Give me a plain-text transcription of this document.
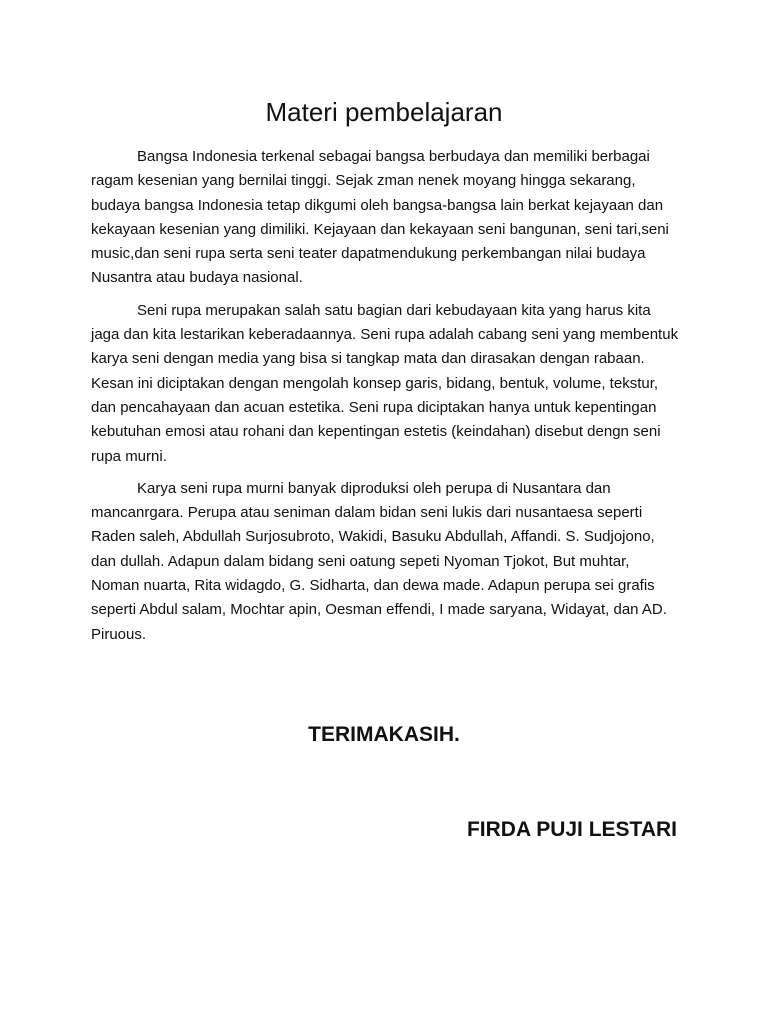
Materi pembelajaran

Bangsa Indonesia terkenal sebagai bangsa berbudaya dan memiliki berbagai ragam kesenian yang bernilai tinggi. Sejak zman nenek moyang hingga sekarang, budaya bangsa Indonesia tetap dikgumi oleh bangsa-bangsa lain berkat kejayaan dan kekayaan kesenian yang dimiliki. Kejayaan dan kekayaan seni bangunan, seni tari,seni music,dan seni rupa serta seni teater dapatmendukung perkembangan nilai budaya Nusantra atau budaya nasional.

Seni rupa merupakan salah satu bagian dari kebudayaan kita yang harus kita jaga dan kita lestarikan keberadaannya. Seni rupa adalah cabang seni yang membentuk karya seni dengan media yang bisa si tangkap mata dan dirasakan dengan rabaan. Kesan ini diciptakan dengan mengolah konsep garis, bidang, bentuk, volume, tekstur, dan pencahayaan dan acuan estetika. Seni rupa diciptakan hanya untuk kepentingan kebutuhan emosi atau rohani dan kepentingan estetis (keindahan) disebut dengn seni rupa murni.

Karya seni rupa murni banyak diproduksi oleh perupa di Nusantara dan mancanrgara. Perupa atau seniman dalam bidan seni lukis dari nusantaesa seperti Raden saleh, Abdullah Surjosubroto, Wakidi, Basuku Abdullah, Affandi. S. Sudjojono, dan dullah. Adapun dalam bidang seni oatung sepeti Nyoman Tjokot, But muhtar, Noman nuarta, Rita widagdo, G. Sidharta, dan dewa made. Adapun perupa sei grafis seperti Abdul salam, Mochtar apin, Oesman effendi, I made saryana, Widayat, dan AD. Piruous.

TERIMAKASIH.

FIRDA PUJI LESTARI
